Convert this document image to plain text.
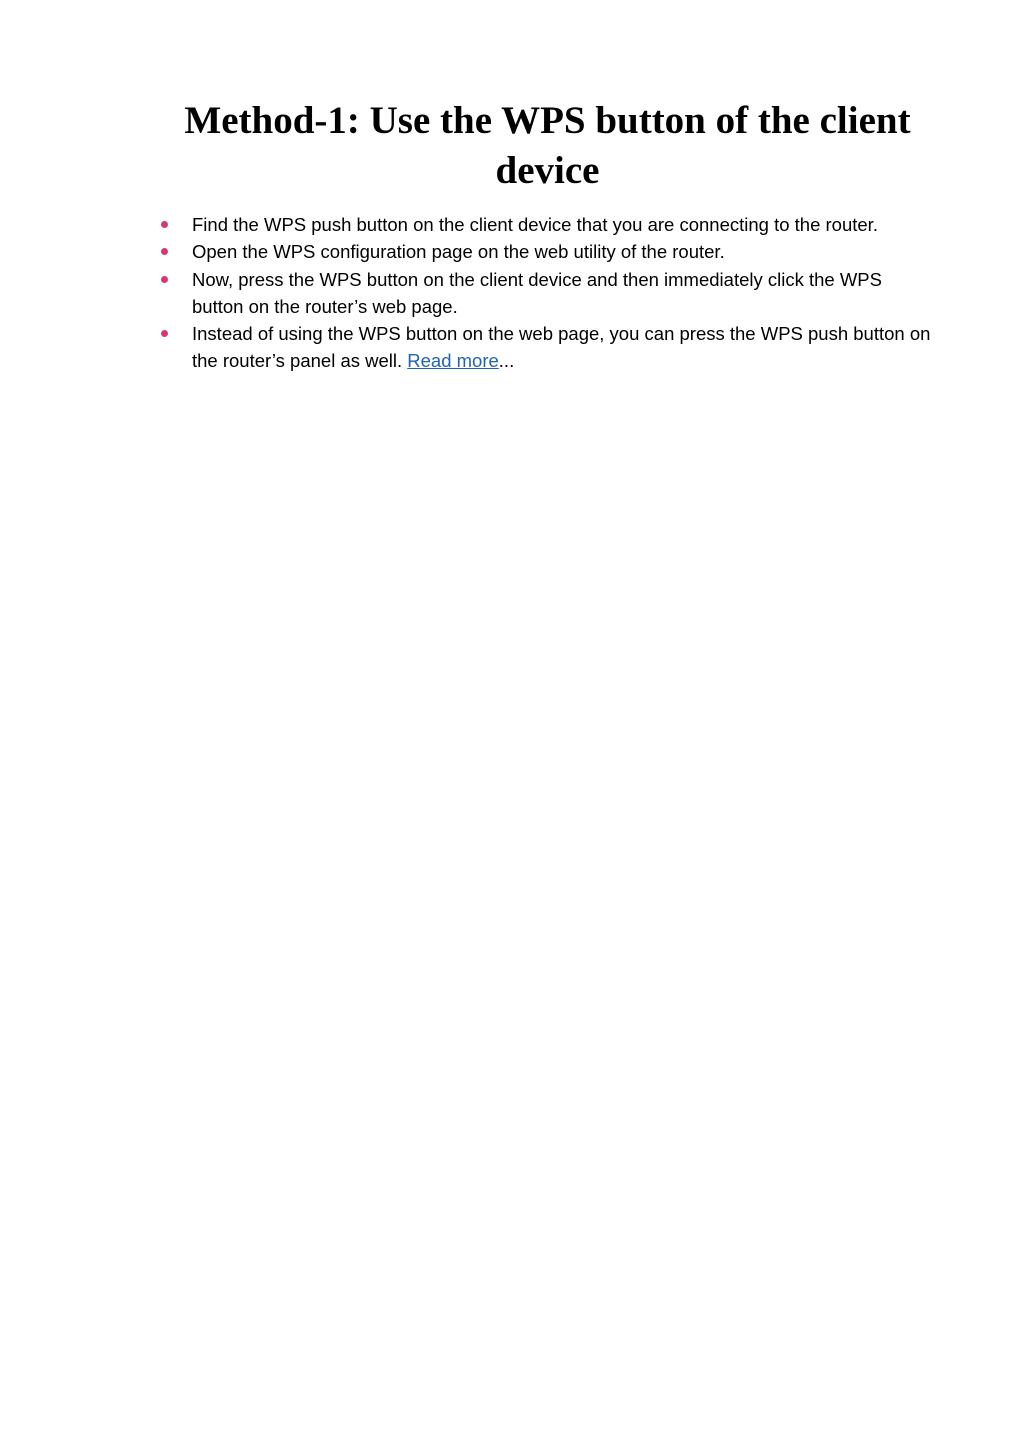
Method-1: Use the WPS button of the client device
Find the WPS push button on the client device that you are connecting to the router.
Open the WPS configuration page on the web utility of the router.
Now, press the WPS button on the client device and then immediately click the WPS button on the router’s web page.
Instead of using the WPS button on the web page, you can press the WPS push button on the router’s panel as well. Read more...
